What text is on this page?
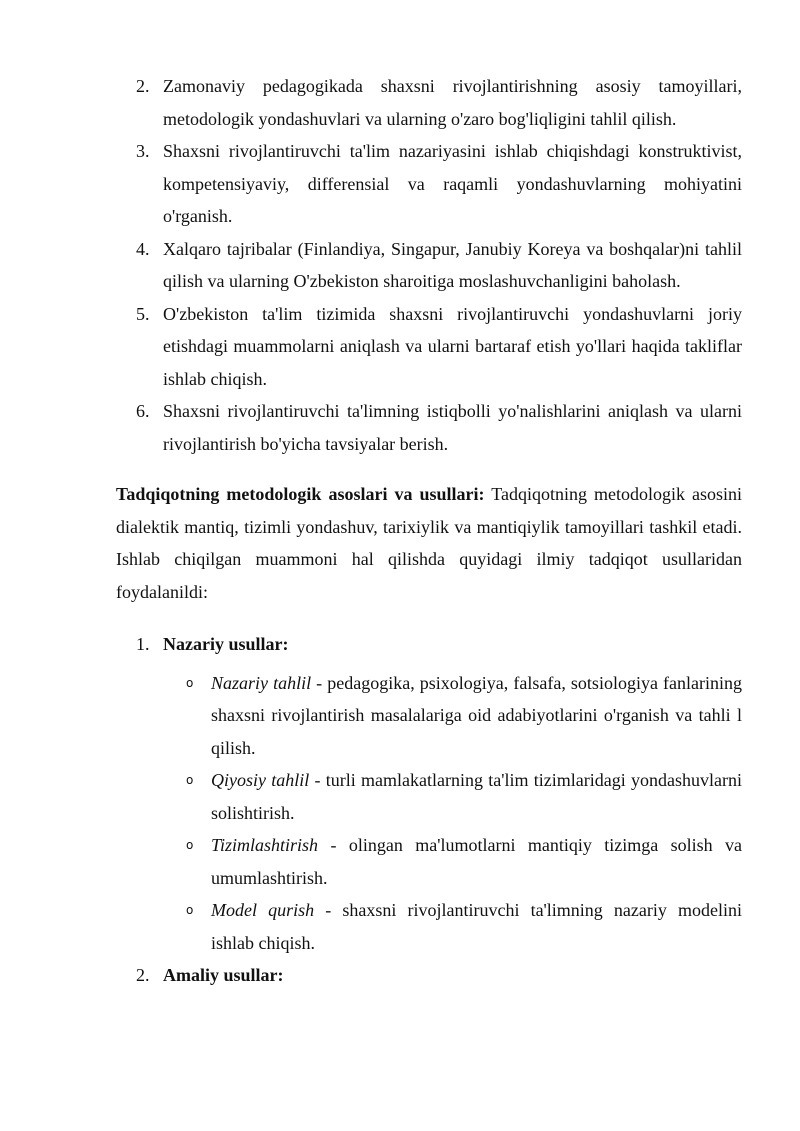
2. Zamonaviy pedagogikada shaxsni rivojlantirishning asosiy tamoyillari, metodologik yondashuvlari va ularning o'zaro bog'liqligini tahlil qilish.
3. Shaxsni rivojlantiruvchi ta'lim nazariyasini ishlab chiqishdagi konstruktivist, kompetensiyaviy, differensial va raqamli yondashuvlarning mohiyatini o'rganish.
4. Xalqaro tajribalar (Finlandiya, Singapur, Janubiy Koreya va boshqalar)ni tahlil qilish va ularning O'zbekiston sharoitiga moslashuvchanligini baholash.
5. O'zbekiston ta'lim tizimida shaxsni rivojlantiruvchi yondashuvlarni joriy etishdagi muammolarni aniqlash va ularni bartaraf etish yo'llari haqida takliflar ishlab chiqish.
6. Shaxsni rivojlantiruvchi ta'limning istiqbolli yo'nalishlarini aniqlash va ularni rivojlantirish bo'yicha tavsiyalar berish.

Tadqiqotning metodologik asoslari va usullari: Tadqiqotning metodologik asosini dialektik mantiq, tizimli yondashuv, tarixiylik va mantiqiylik tamoyillari tashkil etadi. Ishlab chiqilgan muammoni hal qilishda quyidagi ilmiy tadqiqot usullaridan foydalanildi:

1. Nazariy usullar:
o Nazariy tahlil - pedagogika, psixologiya, falsafa, sotsiologiya fanlarining shaxsni rivojlantirish masalalariga oid adabiyotlarini o'rganish va tahli l qilish.
o Qiyosiy tahlil - turli mamlakatlarning ta'lim tizimlaridagi yondashuvlarni solishtirish.
o Tizimlashtirish - olingan ma'lumotlarni mantiqiy tizimga solish va umumlashtirish.
o Model qurish - shaxsni rivojlantiruvchi ta'limning nazariy modelini ishlab chiqish.
2. Amaliy usullar:
